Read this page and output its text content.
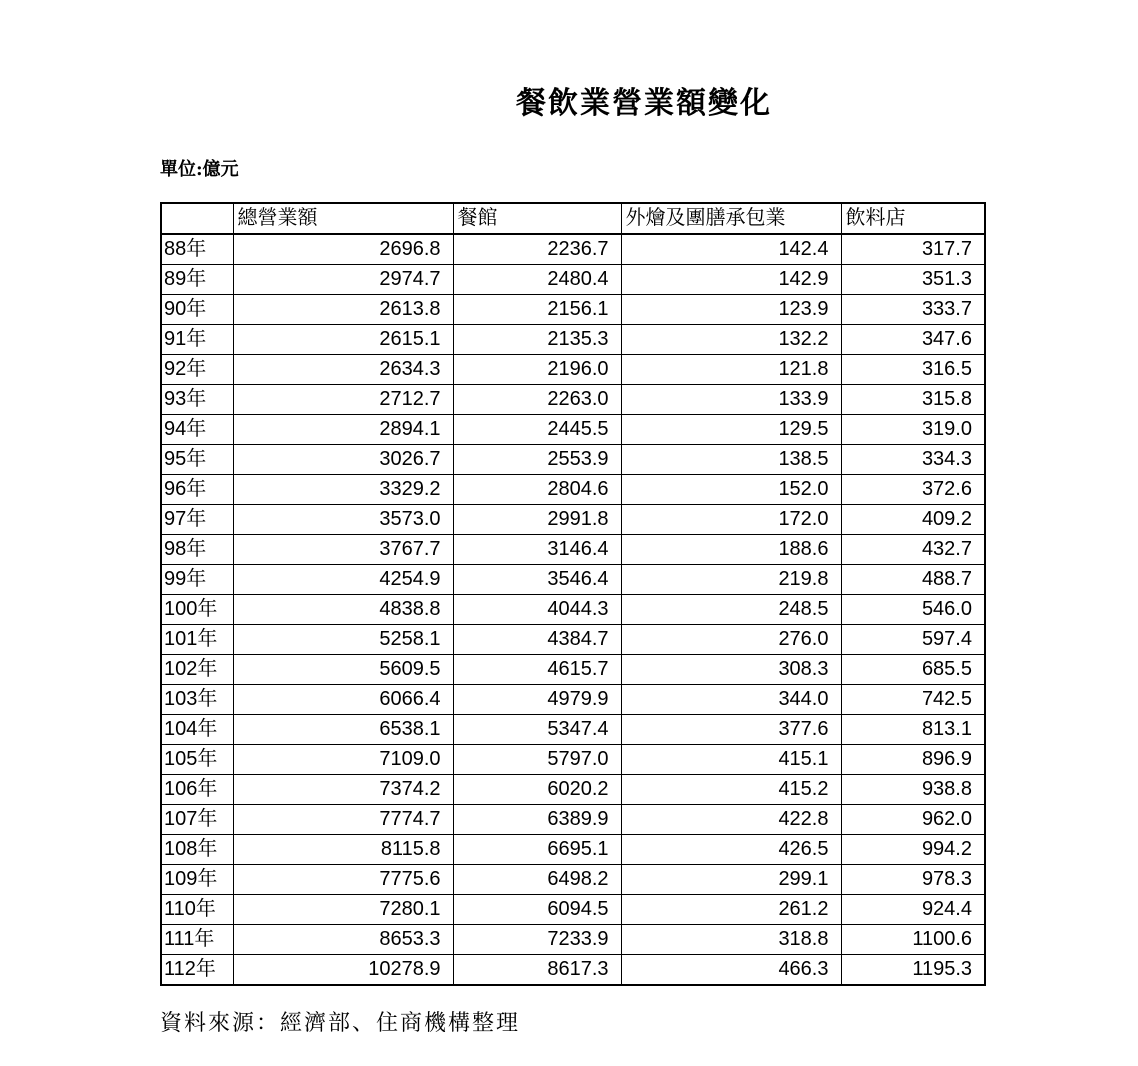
餐飲業營業額變化
單位:億元
	總營業額	餐館	外燴及團膳承包業	飲料店
88年	2696.8	2236.7	142.4	317.7
89年	2974.7	2480.4	142.9	351.3
90年	2613.8	2156.1	123.9	333.7
91年	2615.1	2135.3	132.2	347.6
92年	2634.3	2196.0	121.8	316.5
93年	2712.7	2263.0	133.9	315.8
94年	2894.1	2445.5	129.5	319.0
95年	3026.7	2553.9	138.5	334.3
96年	3329.2	2804.6	152.0	372.6
97年	3573.0	2991.8	172.0	409.2
98年	3767.7	3146.4	188.6	432.7
99年	4254.9	3546.4	219.8	488.7
100年	4838.8	4044.3	248.5	546.0
101年	5258.1	4384.7	276.0	597.4
102年	5609.5	4615.7	308.3	685.5
103年	6066.4	4979.9	344.0	742.5
104年	6538.1	5347.4	377.6	813.1
105年	7109.0	5797.0	415.1	896.9
106年	7374.2	6020.2	415.2	938.8
107年	7774.7	6389.9	422.8	962.0
108年	8115.8	6695.1	426.5	994.2
109年	7775.6	6498.2	299.1	978.3
110年	7280.1	6094.5	261.2	924.4
111年	8653.3	7233.9	318.8	1100.6
112年	10278.9	8617.3	466.3	1195.3
資料來源：經濟部、住商機構整理
